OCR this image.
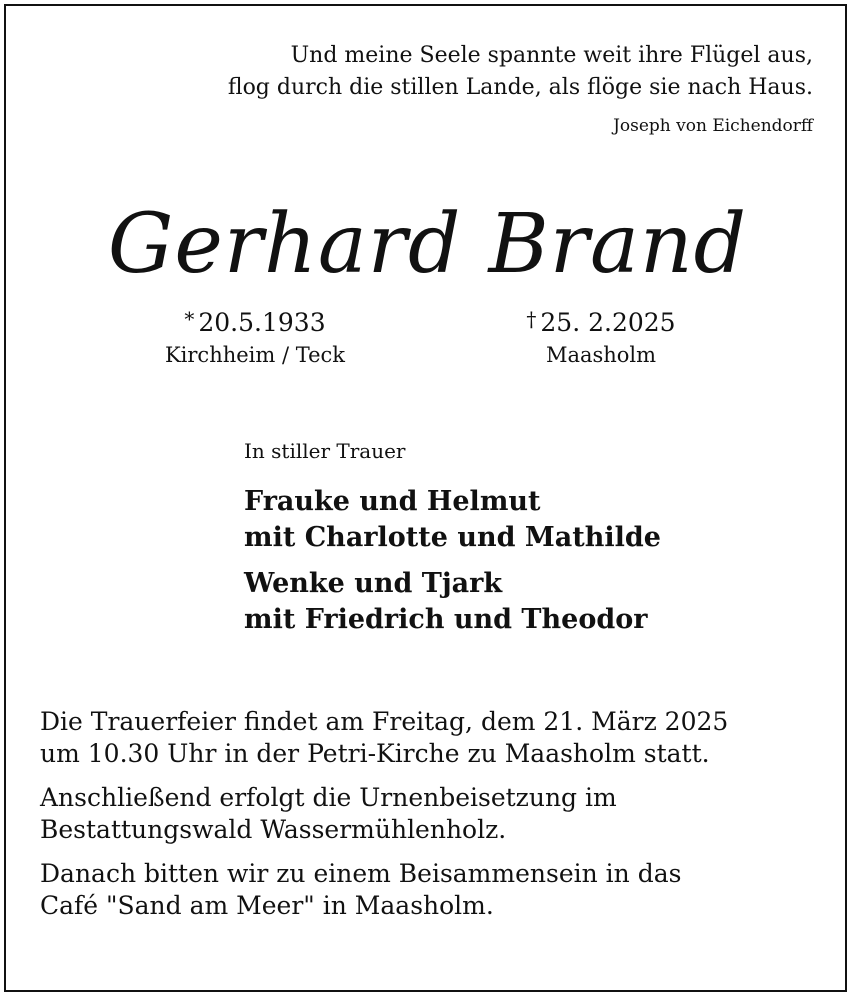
Und meine Seele spannte weit ihre Flügel aus,
flog durch die stillen Lande, als flöge sie nach Haus.
Joseph von Eichendorff
Gerhard Brand
* 20.5.1933
Kirchheim / Teck
† 25. 2.2025
Maasholm
In stiller Trauer
Frauke und Helmut
mit Charlotte und Mathilde
Wenke und Tjark
mit Friedrich und Theodor

Die Trauerfeier findet am Freitag, dem 21. März 2025
um 10.30 Uhr in der Petri-Kirche zu Maasholm statt.

Anschließend erfolgt die Urnenbeisetzung im
Bestattungswald Wassermühlenholz.

Danach bitten wir zu einem Beisammensein in das
Café "Sand am Meer" in Maasholm.
